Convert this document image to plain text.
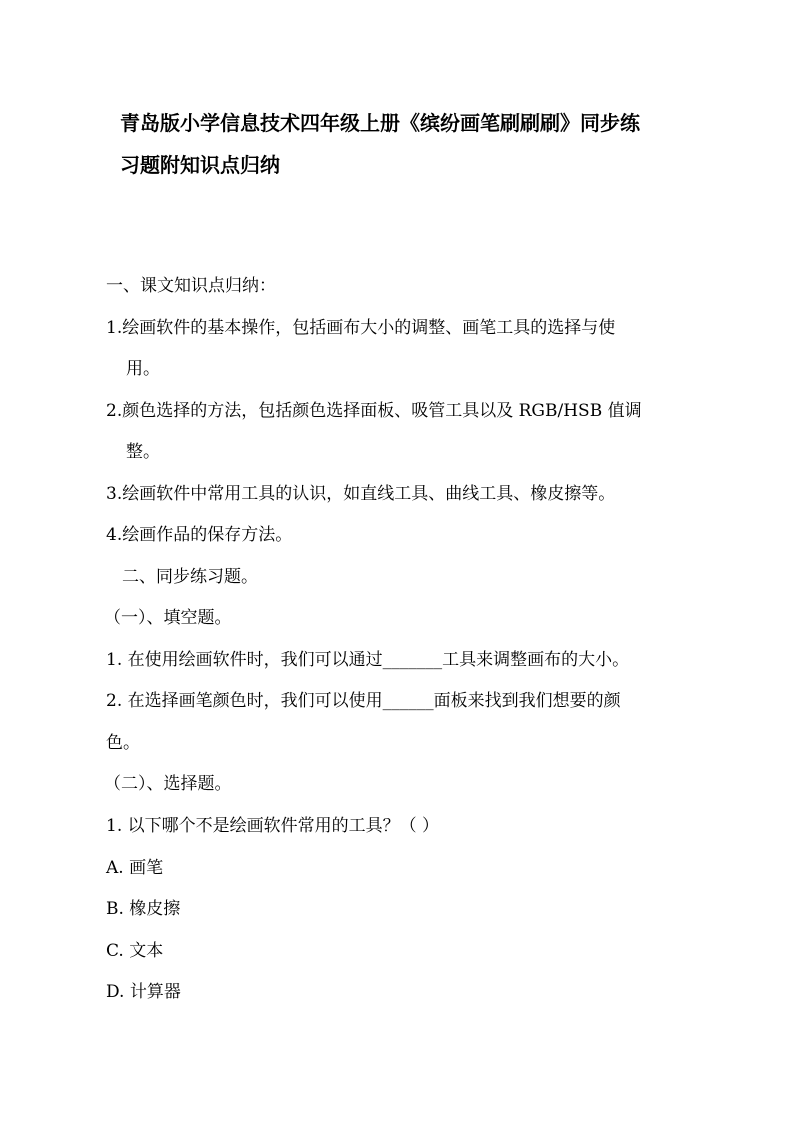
青岛版小学信息技术四年级上册《缤纷画笔刷刷刷》同步练
习题附知识点归纳
一、课文知识点归纳：
1.绘画软件的基本操作，包括画布大小的调整、画笔工具的选择与使
用。
2.颜色选择的方法，包括颜色选择面板、吸管工具以及 RGB/HSB 值调
整。
3.绘画软件中常用工具的认识，如直线工具、曲线工具、橡皮擦等。
4.绘画作品的保存方法。
二、同步练习题。
（一）、填空题。
1. 在使用绘画软件时，我们可以通过_______工具来调整画布的大小。
2. 在选择画笔颜色时，我们可以使用______面板来找到我们想要的颜
色。
（二）、选择题。
1. 以下哪个不是绘画软件常用的工具？（ ）
A. 画笔
B. 橡皮擦
C. 文本
D. 计算器
